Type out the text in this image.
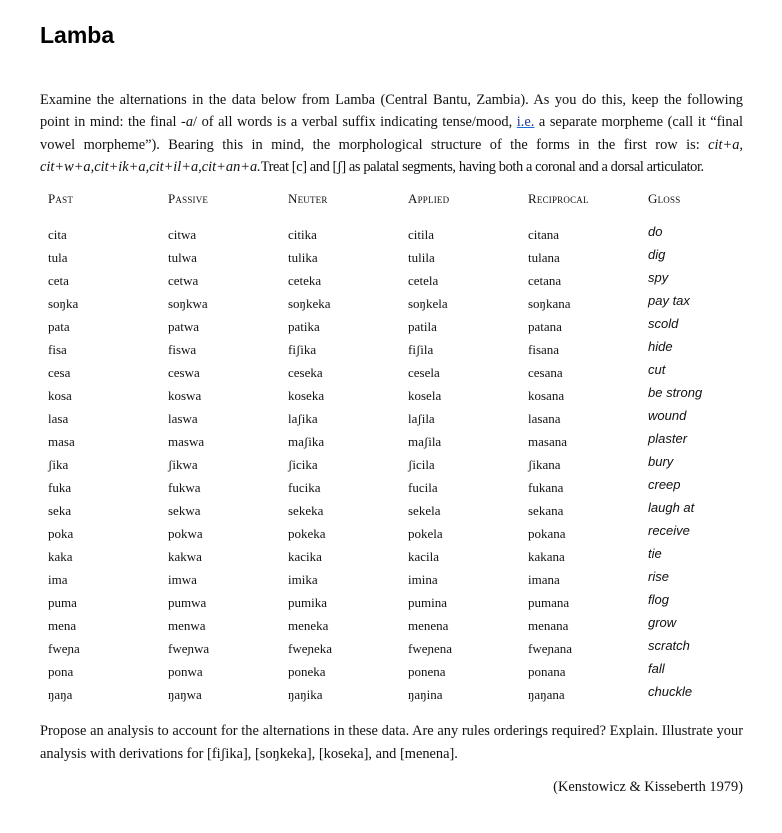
Lamba
Examine the alternations in the data below from Lamba (Central Bantu, Zambia). As you do this, keep the following point in mind: the final -a/ of all words is a verbal suffix indicating tense/mood, i.e. a separate morpheme (call it “final vowel morpheme”). Bearing this in mind, the morphological structure of the forms in the first row is: cit+a, cit+w+a,cit+ik+a,cit+il+a,cit+an+a.Treat [c] and [ʃ] as palatal segments, having both a coronal and a dorsal articulator.
Past	Passive	Neuter	Applied	Reciprocal	Gloss

cita	citwa	citika	citila	citana	do
tula	tulwa	tulika	tulila	tulana	dig
ceta	cetwa	ceteka	cetela	cetana	spy
soŋka	soŋkwa	soŋkeka	soŋkela	soŋkana	pay tax
pata	patwa	patika	patila	patana	scold
fisa	fiswa	fiʃika	fiʃila	fisana	hide
cesa	ceswa	ceseka	cesela	cesana	cut
kosa	koswa	koseka	kosela	kosana	be strong
lasa	laswa	laʃika	laʃila	lasana	wound
masa	maswa	maʃika	maʃila	masana	plaster
ʃika	ʃikwa	ʃicika	ʃicila	ʃikana	bury
fuka	fukwa	fucika	fucila	fukana	creep
seka	sekwa	sekeka	sekela	sekana	laugh at
poka	pokwa	pokeka	pokela	pokana	receive
kaka	kakwa	kacika	kacila	kakana	tie
ima	imwa	imika	imina	imana	rise
puma	pumwa	pumika	pumina	pumana	flog
mena	menwa	meneka	menena	menana	grow
fweɲa	fweɲwa	fweɲeka	fweɲena	fweɲana	scratch
pona	ponwa	poneka	ponena	ponana	fall
ŋaŋa	ŋaŋwa	ŋaŋika	ŋaŋina	ŋaŋana	chuckle
Propose an analysis to account for the alternations in these data. Are any rules orderings required? Explain. Illustrate your analysis with derivations for [fiʃika], [soŋkeka], [koseka], and [menena].
(Kenstowicz & Kisseberth 1979)
